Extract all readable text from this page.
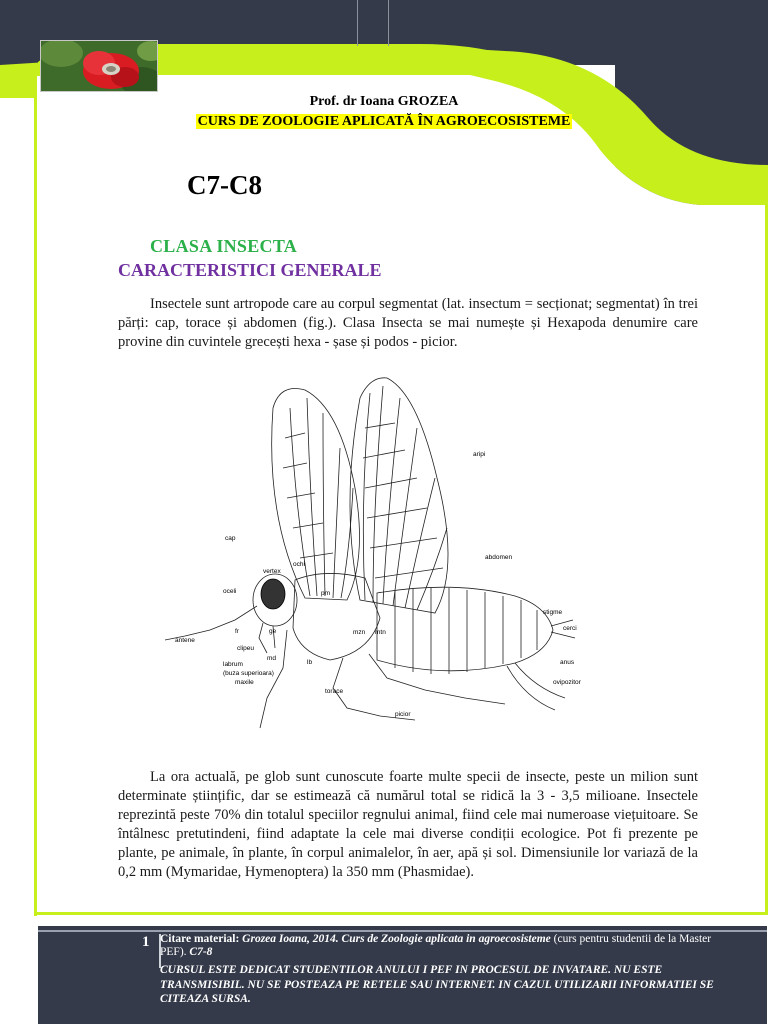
Prof. dr Ioana GROZEA
CURS DE ZOOLOGIE APLICATĂ ÎN AGROECOSISTEME
C7-C8
CLASA INSECTA
CARACTERISTICI GENERALE
Insectele sunt artropode care au corpul segmentat (lat. insectum = secționat; segmentat) în trei părți: cap, torace și abdomen (fig.). Clasa Insecta se mai numește și Hexapoda denumire care provine din cuvintele grecești hexa - șase și podos - picior.
aripi
cap
vertex
ochi
oceli	pm
fr	ge
antene
clipeu
md
lb
labrum
(buza superioara)
maxile
torace
mzn mtn
abdomen
stigme
cerci
anus
ovipozitor
picior
La ora actuală, pe glob sunt cunoscute foarte multe specii de insecte, peste un milion sunt determinate științific, dar se estimează că numărul total se ridică la 3 - 3,5 milioane. Insectele reprezintă peste 70% din totalul speciilor regnului animal, fiind cele mai numeroase viețuitoare. Se întâlnesc pretutindeni, fiind adaptate la cele mai diverse condiții ecologice. Pot fi prezente pe plante, pe animale, în plante, în corpul animalelor, în aer, apă și sol. Dimensiunile lor variază de la 0,2 mm (Mymaridae, Hymenoptera) la 350 mm (Phasmidae).
1 Citare material: Grozea Ioana, 2014. Curs de Zoologie aplicata in agroecosisteme (curs pentru studentii de la Master PEF). C7-8
CURSUL ESTE DEDICAT STUDENTILOR ANULUI I PEF IN PROCESUL DE INVATARE. NU ESTE TRANSMISIBIL. NU SE POSTEAZA PE RETELE SAU INTERNET. IN CAZUL UTILIZARII INFORMATIEI SE CITEAZA SURSA.
